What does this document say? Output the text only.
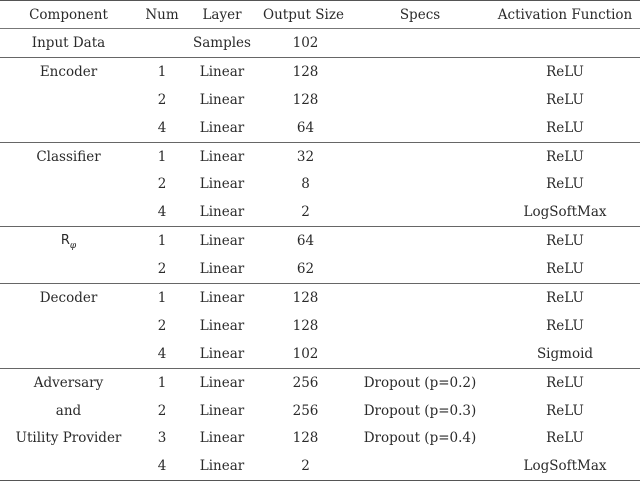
Component	Num	Layer	Output Size	Specs	Activation Function
Input Data		Samples	102		
Encoder	1	Linear	128		ReLU
	2	Linear	128		ReLU
	4	Linear	64		ReLU
Classifier	1	Linear	32		ReLU
	2	Linear	8		ReLU
	4	Linear	2		LogSoftMax
$R_\varphi$	1	Linear	64		ReLU
	2	Linear	62		ReLU
Decoder	1	Linear	128		ReLU
	2	Linear	128		ReLU
	4	Linear	102		Sigmoid
Adversary	1	Linear	256	Dropout (p=0.2)	ReLU
and	2	Linear	256	Dropout (p=0.3)	ReLU
Utility Provider	3	Linear	128	Dropout (p=0.4)	ReLU
	4	Linear	2		LogSoftMax
